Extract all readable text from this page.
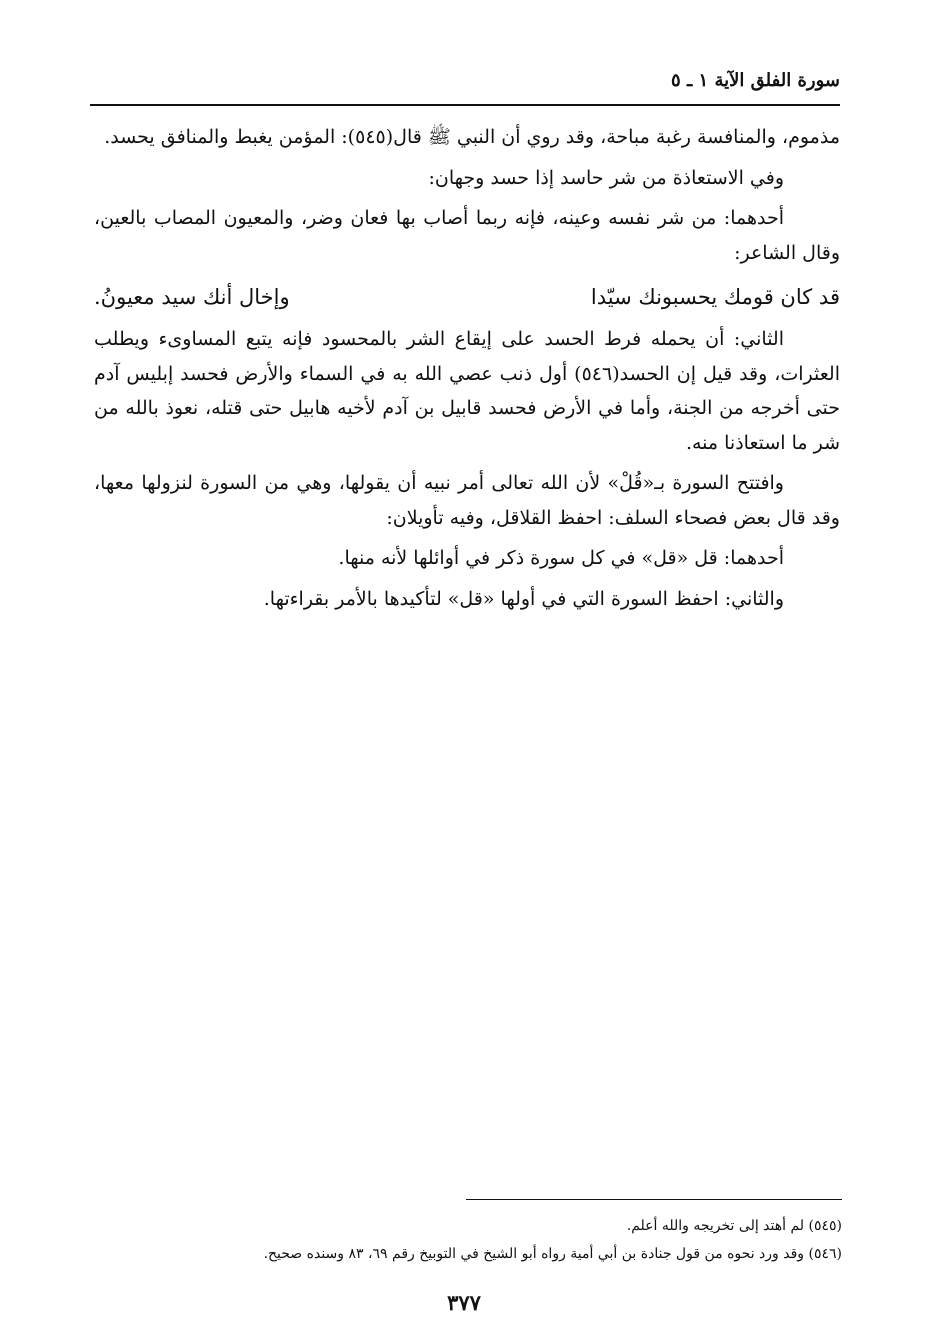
سورة الفلق الآية ١ ـ ٥

مذموم، والمنافسة رغبة مباحة، وقد روي أن النبي ﷺ قال(٥٤٥): المؤمن يغبط والمنافق يحسد.

وفي الاستعاذة من شر حاسد إذا حسد وجهان:

أحدهما: من شر نفسه وعينه، فإنه ربما أصاب بها فعان وضر، والمعيون المصاب بالعين، وقال الشاعر:

قد كان قومك يحسبونك سيّدا
وإخال أنك سيد معيونُ.

الثاني: أن يحمله فرط الحسد على إيقاع الشر بالمحسود فإنه يتبع المساوىء ويطلب العثرات، وقد قيل إن الحسد(٥٤٦) أول ذنب عصي الله به في السماء والأرض فحسد إبليس آدم حتى أخرجه من الجنة، وأما في الأرض فحسد قابيل بن آدم لأخيه هابيل حتى قتله، نعوذ بالله من شر ما استعاذنا منه.

وافتتح السورة بـ«قُلْ» لأن الله تعالى أمر نبيه أن يقولها، وهي من السورة لنزولها معها، وقد قال بعض فصحاء السلف: احفظ القلاقل، وفيه تأويلان:

أحدهما: قل «قل» في كل سورة ذكر في أوائلها لأنه منها.

والثاني: احفظ السورة التي في أولها «قل» لتأكيدها بالأمر بقراءتها.

(٥٤٥) لم أهتد إلى تخريجه والله أعلم.

(٥٤٦) وقد ورد نحوه من قول جنادة بن أبي أمية رواه أبو الشيخ في التوبيخ رقم ٦٩، ٨٣ وسنده صحيح.

٣٧٧
